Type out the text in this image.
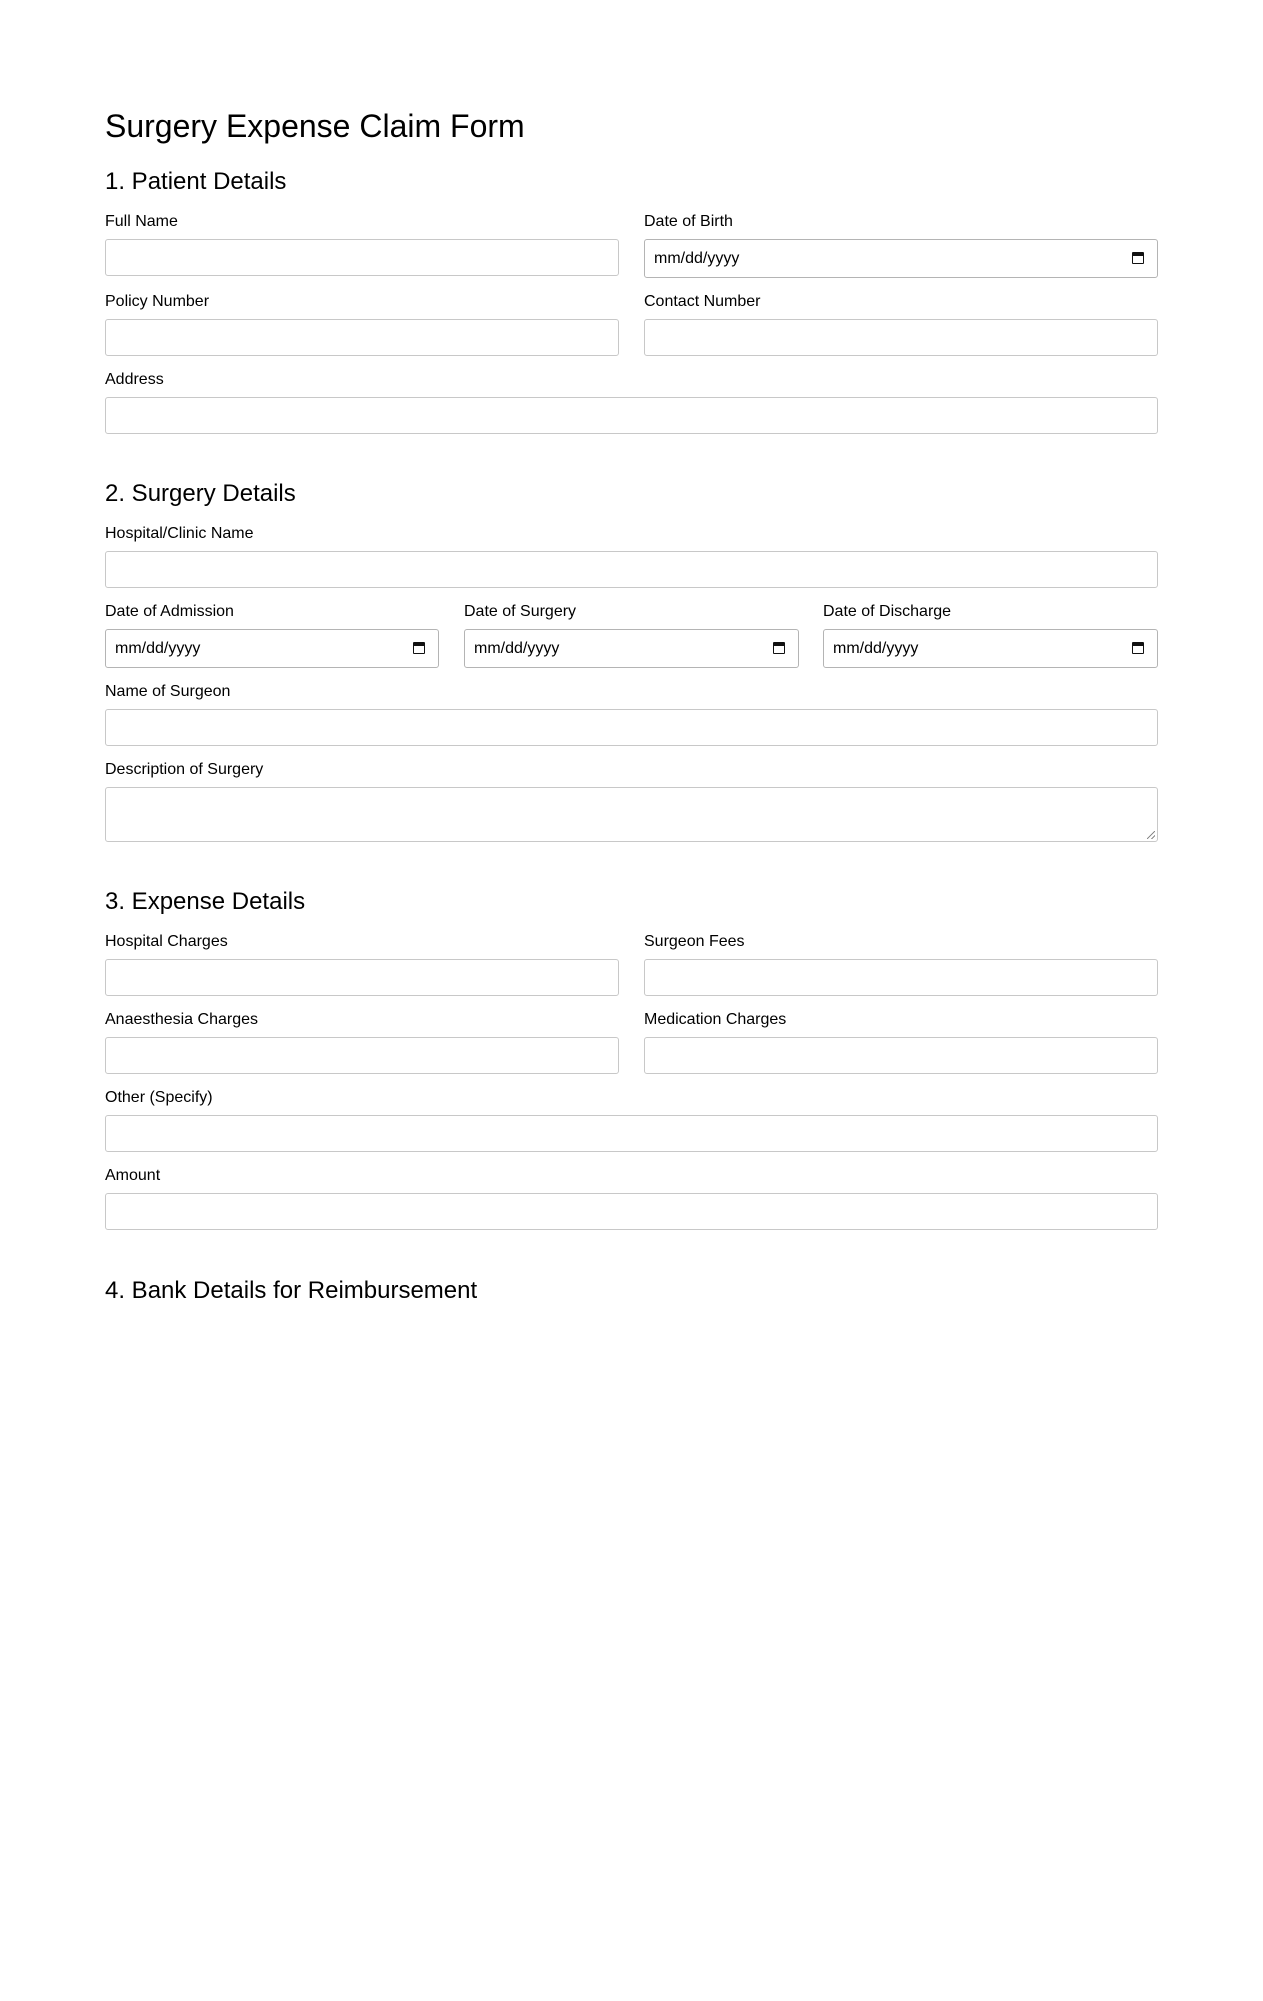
Surgery Expense Claim Form
1. Patient Details
Full Name	Date of Birth
mm/dd/yyyy
Policy Number	Contact Number
Address
2. Surgery Details
Hospital/Clinic Name
Date of Admission
mm/dd/yyyy
Date of Surgery
mm/dd/yyyy
Date of Discharge
mm/dd/yyyy
Name of Surgeon
Description of Surgery
3. Expense Details
Hospital Charges	Surgeon Fees
Anaesthesia Charges	Medication Charges
Other (Specify)
Amount
4. Bank Details for Reimbursement
